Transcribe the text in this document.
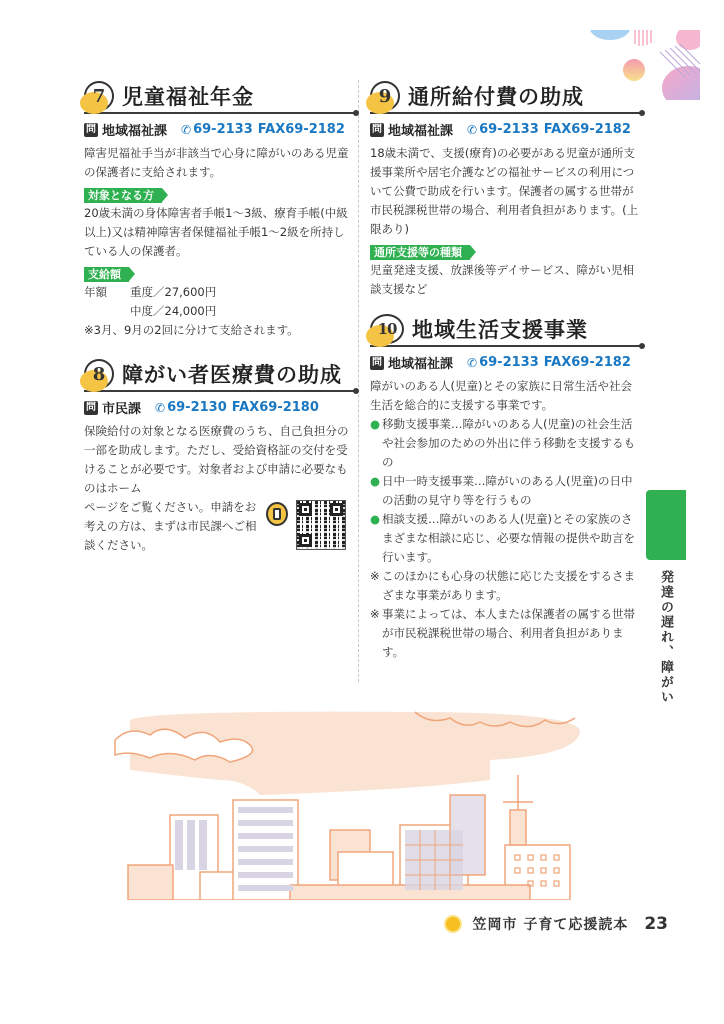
7 児童福祉年金
問 地域福祉課 ✆ 69-2133 FAX69-2182

障害児福祉手当が非該当で心身に障がいのある児童の保護者に支給されます。

対象となる方

20歳未満の身体障害者手帳1～3級、療育手帳(中級以上)又は精神障害者保健福祉手帳1～2級を所持している人の保護者。

支給額
年額	重度／27,600円
中度／24,000円

※3月、9月の2回に分けて支給されます。

8 障がい者医療費の助成
問 市民課 ✆ 69-2130 FAX69-2180

保険給付の対象となる医療費のうち、自己負担分の一部を助成します。ただし、受給資格証の交付を受けることが必要です。対象者および申請に必要なものはホーム

ページをご覧ください。申請をお考えの方は、まずは市民課へご相談ください。

9 通所給付費の助成
問 地域福祉課 ✆ 69-2133 FAX69-2182

18歳未満で、支援(療育)の必要がある児童が通所支援事業所や居宅介護などの福祉サービスの利用について公費で助成を行います。保護者の属する世帯が市民税課税世帯の場合、利用者負担があります。(上限あり)

通所支援等の種類

児童発達支援、放課後等デイサービス、障がい児相談支援など

10 地域生活支援事業
問 地域福祉課 ✆ 69-2133 FAX69-2182

障がいのある人(児童)とその家族に日常生活や社会生活を総合的に支援する事業です。

● 移動支援事業…障がいのある人(児童)の社会生活や社会参加のための外出に伴う移動を支援するもの
● 日中一時支援事業…障がいのある人(児童)の日中の活動の見守り等を行うもの
● 相談支援…障がいのある人(児童)とその家族のさまざまな相談に応じ、必要な情報の提供や助言を行います。
※ このほかにも心身の状態に応じた支援をするさまざまな事業があります。
※ 事業によっては、本人または保護者の属する世帯が市民税課税世帯の場合、利用者負担があります。	発達の遅れ、障がい
笠岡市 子育て応援読本 23
